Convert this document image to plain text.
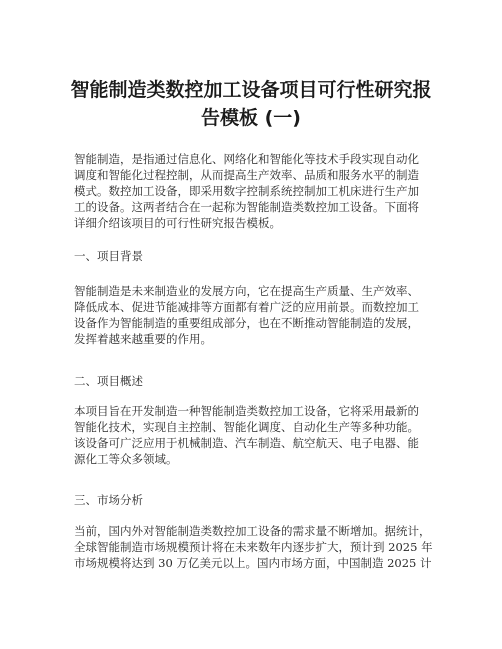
智能制造类数控加工设备项目可行性研究报
告模板 (一)
智能制造，是指通过信息化、网络化和智能化等技术手段实现自动化
调度和智能化过程控制，从而提高生产效率、品质和服务水平的制造
模式。数控加工设备，即采用数字控制系统控制加工机床进行生产加
工的设备。这两者结合在一起称为智能制造类数控加工设备。下面将
详细介绍该项目的可行性研究报告模板。
一、项目背景
智能制造是未来制造业的发展方向，它在提高生产质量、生产效率、
降低成本、促进节能减排等方面都有着广泛的应用前景。而数控加工
设备作为智能制造的重要组成部分，也在不断推动智能制造的发展，
发挥着越来越重要的作用。
二、项目概述
本项目旨在开发制造一种智能制造类数控加工设备，它将采用最新的
智能化技术，实现自主控制、智能化调度、自动化生产等多种功能。
该设备可广泛应用于机械制造、汽车制造、航空航天、电子电器、能
源化工等众多领域。
三、市场分析
当前，国内外对智能制造类数控加工设备的需求量不断增加。据统计，
全球智能制造市场规模预计将在未来数年内逐步扩大，预计到 2025 年
市场规模将达到 30 万亿美元以上。国内市场方面，中国制造 2025 计
